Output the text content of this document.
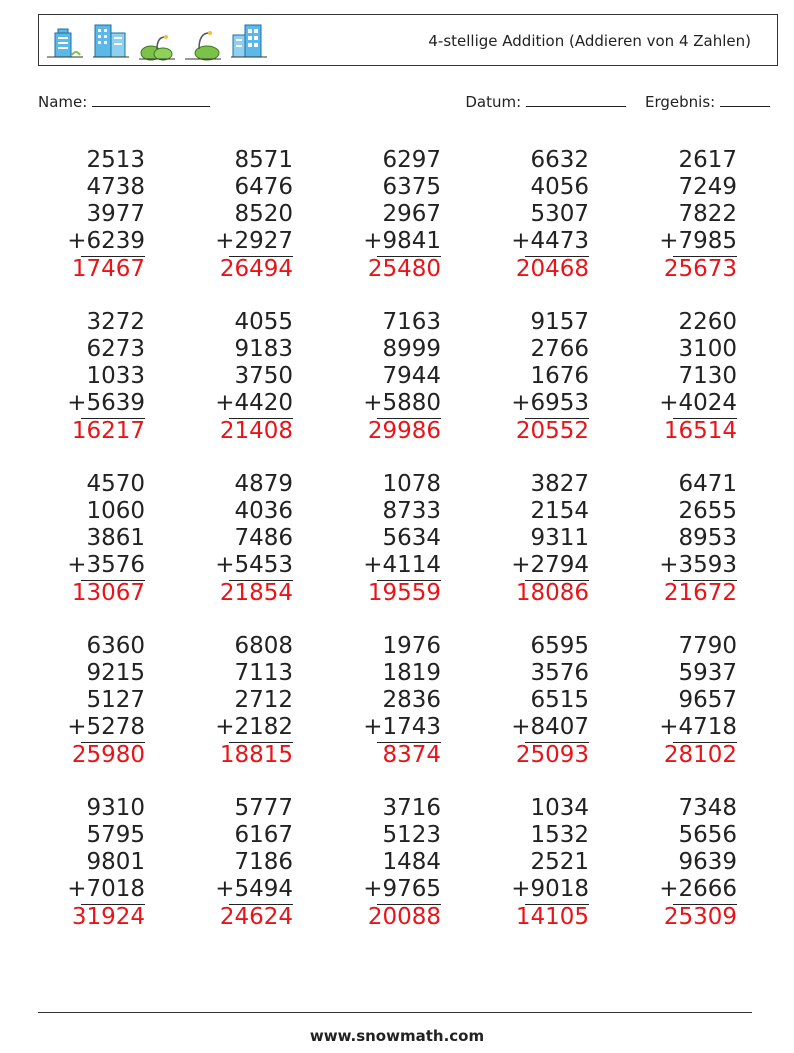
4-stellige Addition (Addieren von 4 Zahlen)
Name:	Datum:	Ergebnis:
2513
4738
3977
+6239
17467
8571
6476
8520
+2927
26494
6297
6375
2967
+9841
25480
6632
4056
5307
+4473
20468
2617
7249
7822
+7985
25673
3272
6273
1033
+5639
16217
4055
9183
3750
+4420
21408
7163
8999
7944
+5880
29986
9157
2766
1676
+6953
20552
2260
3100
7130
+4024
16514
4570
1060
3861
+3576
13067
4879
4036
7486
+5453
21854
1078
8733
5634
+4114
19559
3827
2154
9311
+2794
18086
6471
2655
8953
+3593
21672
6360
9215
5127
+5278
25980
6808
7113
2712
+2182
18815
1976
1819
2836
+1743
8374
6595
3576
6515
+8407
25093
7790
5937
9657
+4718
28102
9310
5795
9801
+7018
31924
5777
6167
7186
+5494
24624
3716
5123
1484
+9765
20088
1034
1532
2521
+9018
14105
7348
5656
9639
+2666
25309
www.snowmath.com
